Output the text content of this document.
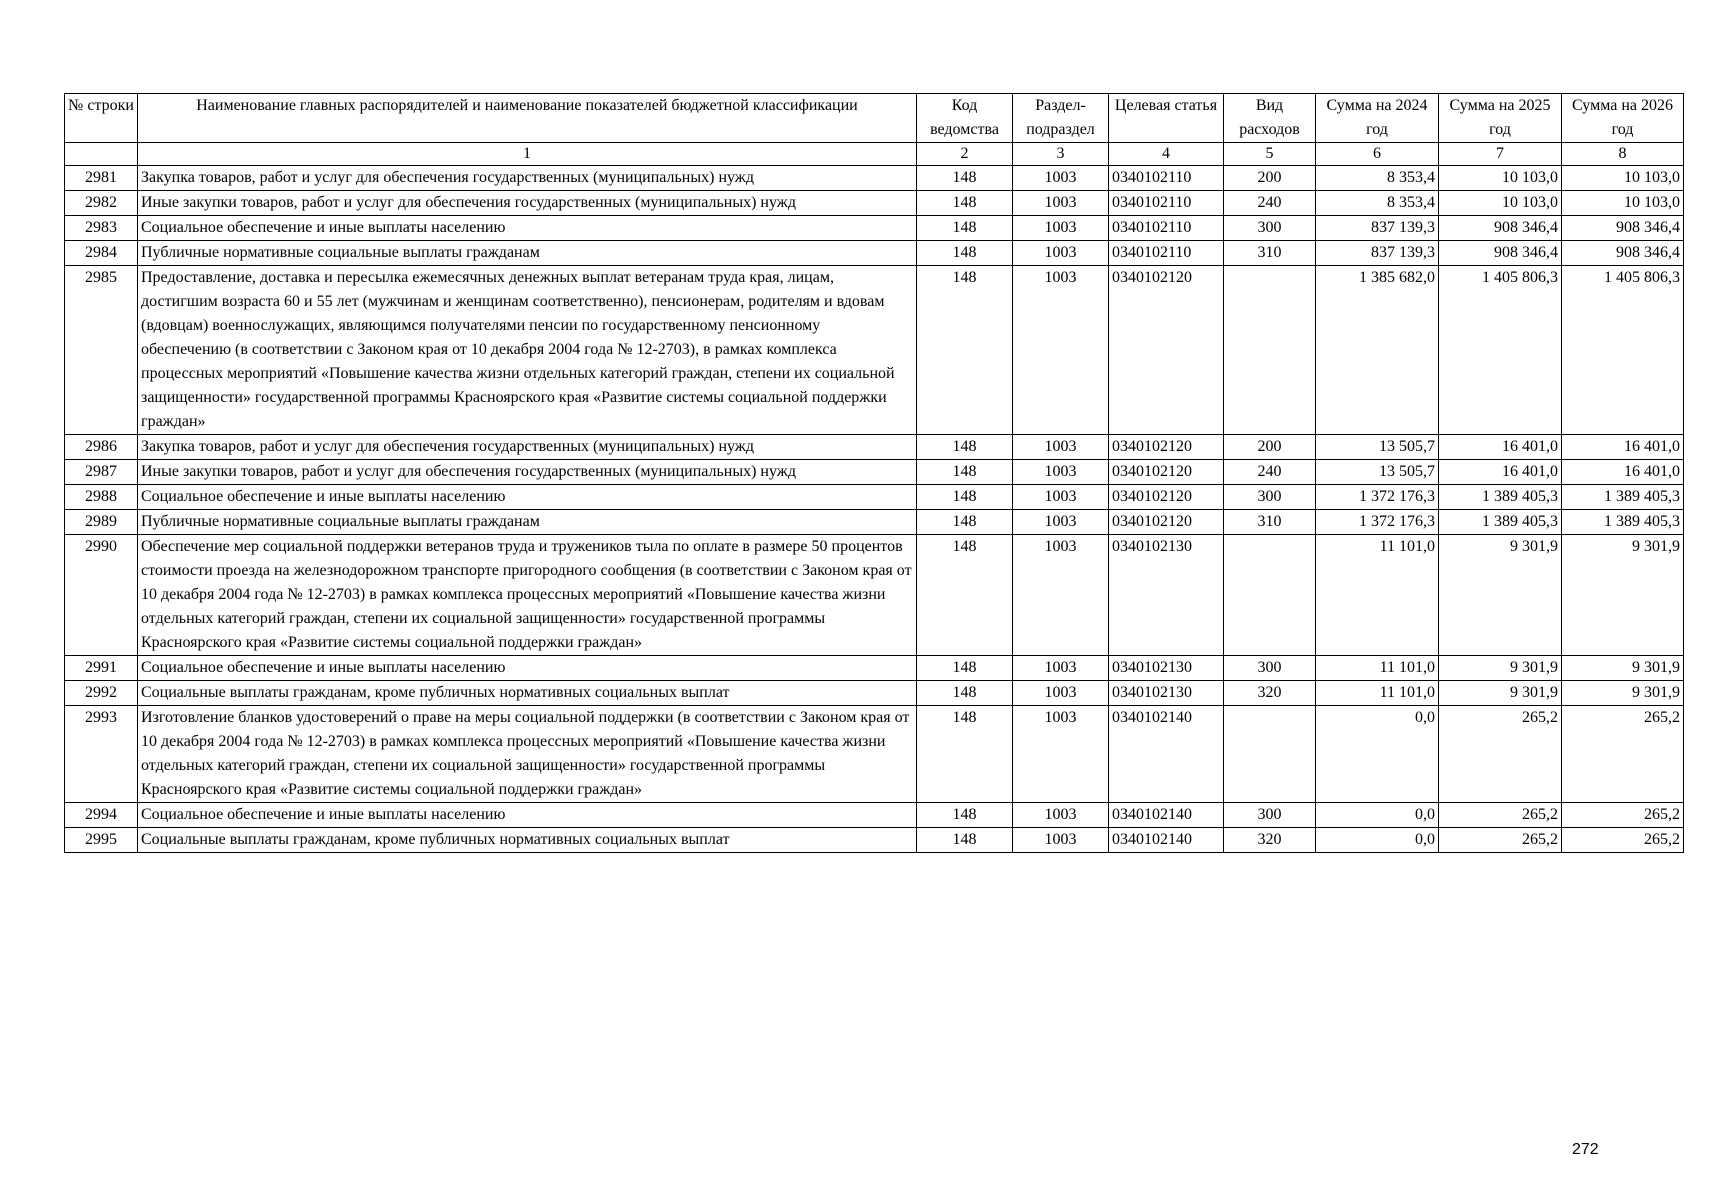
№ строки	Наименование главных распорядителей и наименование показателей бюджетной классификации	Код ведомства	Раздел-подраздел	Целевая статья	Вид расходов	Сумма на 2024 год	Сумма на 2025 год	Сумма на 2026 год
	1	2	3	4	5	6	7	8
2981	Закупка товаров, работ и услуг для обеспечения государственных (муниципальных) нужд	148	1003	0340102110	200	8 353,4	10 103,0	10 103,0
2982	Иные закупки товаров, работ и услуг для обеспечения государственных (муниципальных) нужд	148	1003	0340102110	240	8 353,4	10 103,0	10 103,0
2983	Социальное обеспечение и иные выплаты населению	148	1003	0340102110	300	837 139,3	908 346,4	908 346,4
2984	Публичные нормативные социальные выплаты гражданам	148	1003	0340102110	310	837 139,3	908 346,4	908 346,4
2985	Предоставление, доставка и пересылка ежемесячных денежных выплат ветеранам труда края, лицам, достигшим возраста 60 и 55 лет (мужчинам и женщинам соответственно), пенсионерам, родителям и вдовам (вдовцам) военнослужащих, являющимся получателями пенсии по государственному пенсионному обеспечению (в соответствии с Законом края от 10 декабря 2004 года № 12-2703), в рамках комплекса процессных мероприятий «Повышение качества жизни отдельных категорий граждан, степени их социальной защищенности» государственной программы Красноярского края «Развитие системы социальной поддержки граждан»	148	1003	0340102120		1 385 682,0	1 405 806,3	1 405 806,3
2986	Закупка товаров, работ и услуг для обеспечения государственных (муниципальных) нужд	148	1003	0340102120	200	13 505,7	16 401,0	16 401,0
2987	Иные закупки товаров, работ и услуг для обеспечения государственных (муниципальных) нужд	148	1003	0340102120	240	13 505,7	16 401,0	16 401,0
2988	Социальное обеспечение и иные выплаты населению	148	1003	0340102120	300	1 372 176,3	1 389 405,3	1 389 405,3
2989	Публичные нормативные социальные выплаты гражданам	148	1003	0340102120	310	1 372 176,3	1 389 405,3	1 389 405,3
2990	Обеспечение мер социальной поддержки ветеранов труда и тружеников тыла по оплате в размере 50 процентов стоимости проезда на железнодорожном транспорте пригородного сообщения (в соответствии с Законом края от 10 декабря 2004 года № 12-2703) в рамках комплекса процессных мероприятий «Повышение качества жизни отдельных категорий граждан, степени их социальной защищенности» государственной программы Красноярского края «Развитие системы социальной поддержки граждан»	148	1003	0340102130		11 101,0	9 301,9	9 301,9
2991	Социальное обеспечение и иные выплаты населению	148	1003	0340102130	300	11 101,0	9 301,9	9 301,9
2992	Социальные выплаты гражданам, кроме публичных нормативных социальных выплат	148	1003	0340102130	320	11 101,0	9 301,9	9 301,9
2993	Изготовление бланков удостоверений о праве на меры социальной поддержки (в соответствии с Законом края от 10 декабря 2004 года № 12-2703) в рамках комплекса процессных мероприятий «Повышение качества жизни отдельных категорий граждан, степени их социальной защищенности» государственной программы Красноярского края «Развитие системы социальной поддержки граждан»	148	1003	0340102140		0,0	265,2	265,2
2994	Социальное обеспечение и иные выплаты населению	148	1003	0340102140	300	0,0	265,2	265,2
2995	Социальные выплаты гражданам, кроме публичных нормативных социальных выплат	148	1003	0340102140	320	0,0	265,2	265,2
272
